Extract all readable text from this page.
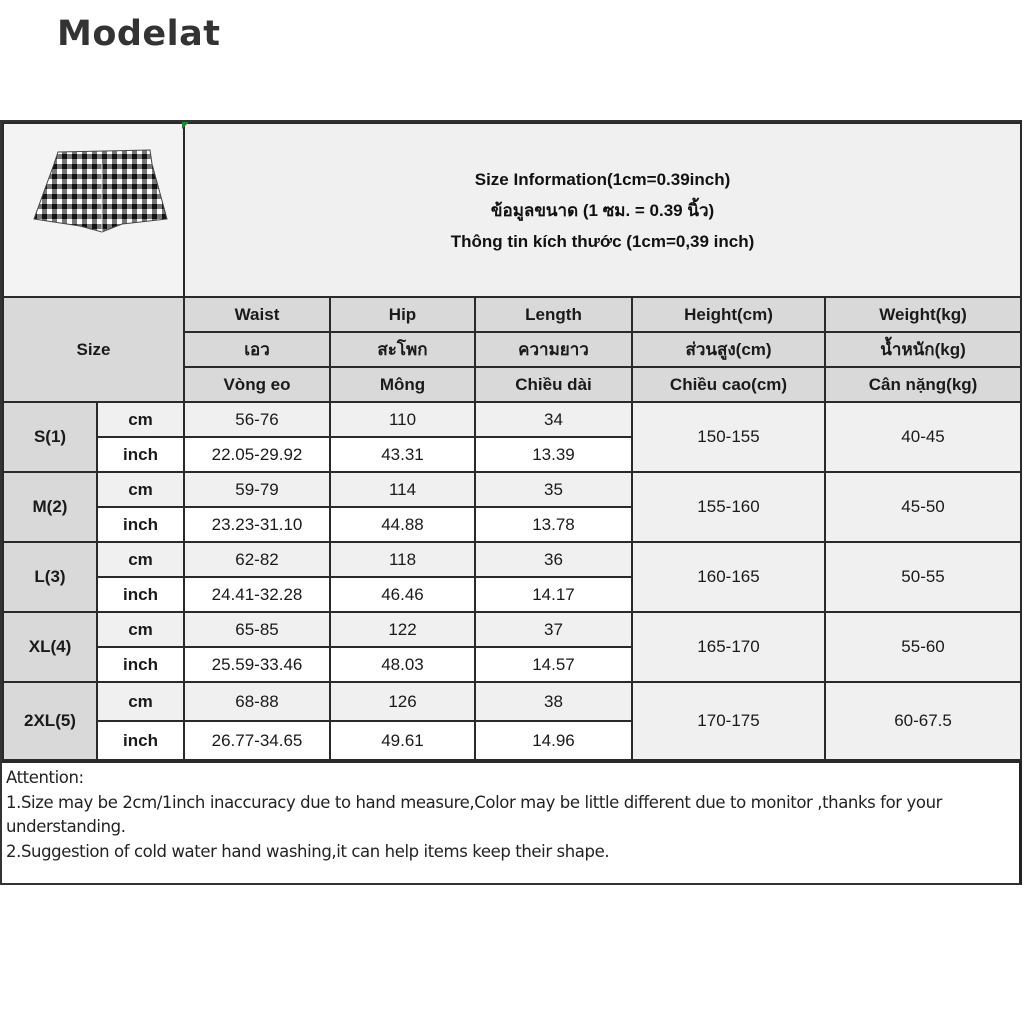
Modelat

Size Information(1cm=0.39inch)
ข้อมูลขนาด (1 ซม. = 0.39 นิ้ว)
Thông tin kích thước (1cm=0,39 inch)				

Size		Waist	Hip	Length	Height(cm)	Weight(kg)
		เอว	สะโพก	ความยาว	ส่วนสูง(cm)	น้ำหนัก(kg)
		Vòng eo	Mông	Chiều dài	Chiều cao(cm)	Cân nặng(kg)
S(1)	cm	56-76	110	34	150-155	40-45
	inch	22.05-29.92	43.31	13.39		
M(2)	cm	59-79	114	35	155-160	45-50
	inch	23.23-31.10	44.88	13.78		
L(3)	cm	62-82	118	36	160-165	50-55
	inch	24.41-32.28	46.46	14.17		
XL(4)	cm	65-85	122	37	165-170	55-60
	inch	25.59-33.46	48.03	14.57		
2XL(5)	cm	68-88	126	38	170-175	60-67.5
	inch	26.77-34.65	49.61	14.96		
Attention:
1.Size may be 2cm/1inch inaccuracy due to hand measure,Color may be little different due to monitor ,thanks for your understanding.
2.Suggestion of cold water hand washing,it can help items keep their shape.
